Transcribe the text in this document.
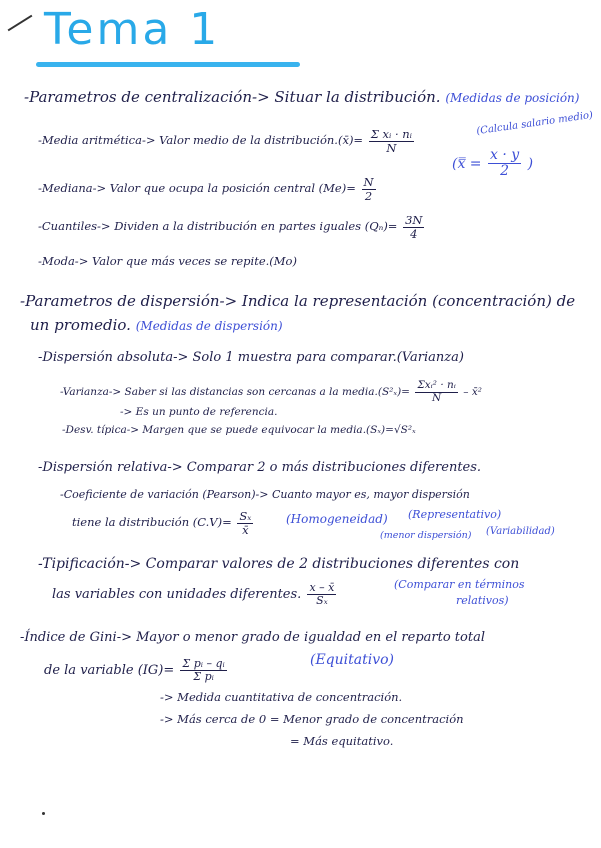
Tema 1
-Parametros de centralización-> Situar la distribución. (Medidas de posición)
-Media aritmética-> Valor medio de la distribución.(x̄)= $\frac{\text{Σ xᵢ · nᵢ}}{N}$
(Calcula salario medio)
(x̿ = $\frac{x \cdot y}{2}$ )
-Mediana-> Valor que ocupa la posición central $(Me)= \frac{N}{2}$
-Cuantiles-> Dividen a la distribución en partes iguales $(Q_n)= \frac{3N}{4}$
-Moda-> Valor que más veces se repite.(Mo)
-Parametros de dispersión-> Indica la representación (concentración) de
un promedio. (Medidas de dispersión)
-Dispersión absoluta-> Solo 1 muestra para comparar.(Varianza)
-Varianza-> Saber si las distancias son cercanas a la media.(S²ₓ)= $\frac{\text{Σxᵢ² · nᵢ}}{N}$ – x̄²
-> Es un punto de referencia.
-Desv. típica-> Margen que se puede equivocar la media.(Sₓ)=√S²ₓ
-Dispersión relativa-> Comparar 2 o más distribuciones diferentes.
-Coeficiente de variación (Pearson)-> Cuanto mayor es, mayor dispersión
tiene la distribución $(C.V)= \frac{\text{Sₓ}}{x̄}$	(Homogeneidad) (Representativo)
(menor dispersión) (Variabilidad)
-Tipificación-> Comparar valores de 2 distribuciones diferentes con
las variables con unidades diferentes. $\frac{x - x̄}{\text{Sₓ}}$	(Comparar en términos
relativos)
-Índice de Gini-> Mayor o menor grado de igualdad en el reparto total
de la variable $(IG)= \frac{\text{Σ pᵢ – qᵢ}}{\text{Σ pᵢ}}$	(Equitativo)
-> Medida cuantitativa de concentración.
-> Más cerca de 0 = Menor grado de concentración
= Más equitativo.
